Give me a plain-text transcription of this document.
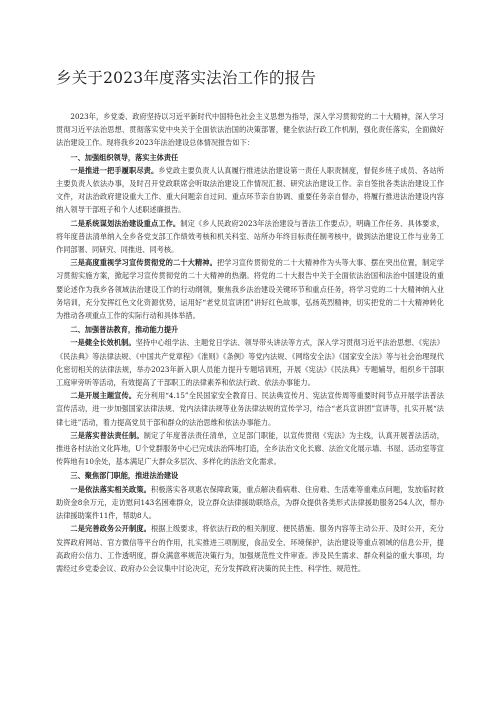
乡关于2023年度落实法治工作的报告

2023年，乡党委、政府坚持以习近平新时代中国特色社会主义思想为指导，深入学习贯彻党的二十大精神，深入学习贯彻习近平法治思想、贯彻落实党中央关于全面依法治国的决策部署，健全依法行政工作机制，强化责任落实，全面做好法治建设工作。现将我乡2023年法治建设总体情况报告如下：

一、加强组织领导，落实主体责任

一是推进一把手履职尽责。乡党政主要负责人认真履行推进法治建设第一责任人职责制度，督促乡班子成员、各站所主要负责人依法办事，及时召开党政联席会听取法治建设工作情况汇报、研究法治建设工作。亲自签批各类法治建设工作文件，对法治政府建设重大工作、重大问题亲自过问、重点环节亲自协调、重要任务亲自督办，将履行推进法治建设内容纳入领导干部班子和个人述职述廉报告。

二是系统谋划法治建设重点工作。制定《乡人民政府2023年法治建设与普法工作要点》，明确工作任务、具体要求，将年度普法清单纳入全乡各党支部工作绩效考核和机关科室、站所办年终目标责任制考核中，做到法治建设工作与业务工作同部署、同研究、同推进、同考核。

三是高度重视学习宣传贯彻党的二十大精神。把学习宣传贯彻党的二十大精神作为头等大事、摆在突出位置，制定学习贯彻实施方案，掀起学习宣传贯彻党的二十大精神的热潮。将党的二十大报告中关于全面依法治国和法治中国建设的重要论述作为我乡各领域法治建设工作的行动纲领，聚焦我乡法治建设关键环节和重点任务，将学习党的二十大精神纳入业务培训，充分发挥红色文化资源优势，运用好“老党员宣讲团”讲好红色故事，弘扬英烈精神，切实把党的二十大精神转化为推动各项重点工作的实际行动和具体举措。

二、加强普法教育，推动能力提升

一是健全长效机制。坚持中心组学法、主题党日学法、领导带头讲法等方式，深入学习贯彻习近平法治思想、《宪法》《民法典》等法律法规、《中国共产党章程》《准则》《条例》等党内法规、《网络安全法》《国家安全法》等与社会治理现代化密切相关的法律法规，举办2023年新入职人员能力提升专题培训班，开展《宪法》《民法典》专题辅导，组织乡干部职工庭审旁听等活动，有效提高了干部职工的法律素养和依法行政、依法办事能力。

二是开展主题宣传。充分利用“4.15”全民国家安全教育日、民法典宣传月、宪法宣传周等重要时间节点开展学法普法宣传活动，进一步加强国家法律法规、党内法律法规等业务法律法规的宣传学习，结合“老兵宣讲团”宣讲等，扎实开展“法律七进”活动，着力提高党员干部和群众的法治思维和依法办事能力。

三是落实普法责任制。制定了年度普法责任清单，立足部门职能，以宣传贯彻《宪法》为主线，认真开展普法活动，推进各村法治文化阵地，U个党群服务中心已完成法治阵地打造，全乡法治文化长廊、法治文化展示墙、书屋、活动室等宣传阵地有10余处，基本满足广大群众多层次、多样化的法治文化需求。

三、聚焦部门职能，推进法治建设

一是依法落实相关政策。积极落实各项惠农保障政策，重点解决看病难、住房难、生活难等重难点问题，发放临时救助资金8余万元，走访慰问143名困难群众，设立群众法律援助联络点，为群众提供各类形式法律援助服务254人次，帮办法律援助案件11件，帮助8人。

二是完善政务公开制度。根据上级要求，将依法行政的相关制度、便民措施、服务内容等主动公开、及时公开，充分发挥政府网站、官方微信等平台的作用，扎实推进三项制度，食品安全、环境保护，法治建设等重点领域的信息公开，提高政府公信力、工作透明度，群众满意率规范决策行为，加强规范性文件审查。涉及民生需求、群众利益的重大事项，均需经过乡党委会议、政府办公会议集中讨论决定，充分发挥政府决策的民主性、科学性、规范性。
